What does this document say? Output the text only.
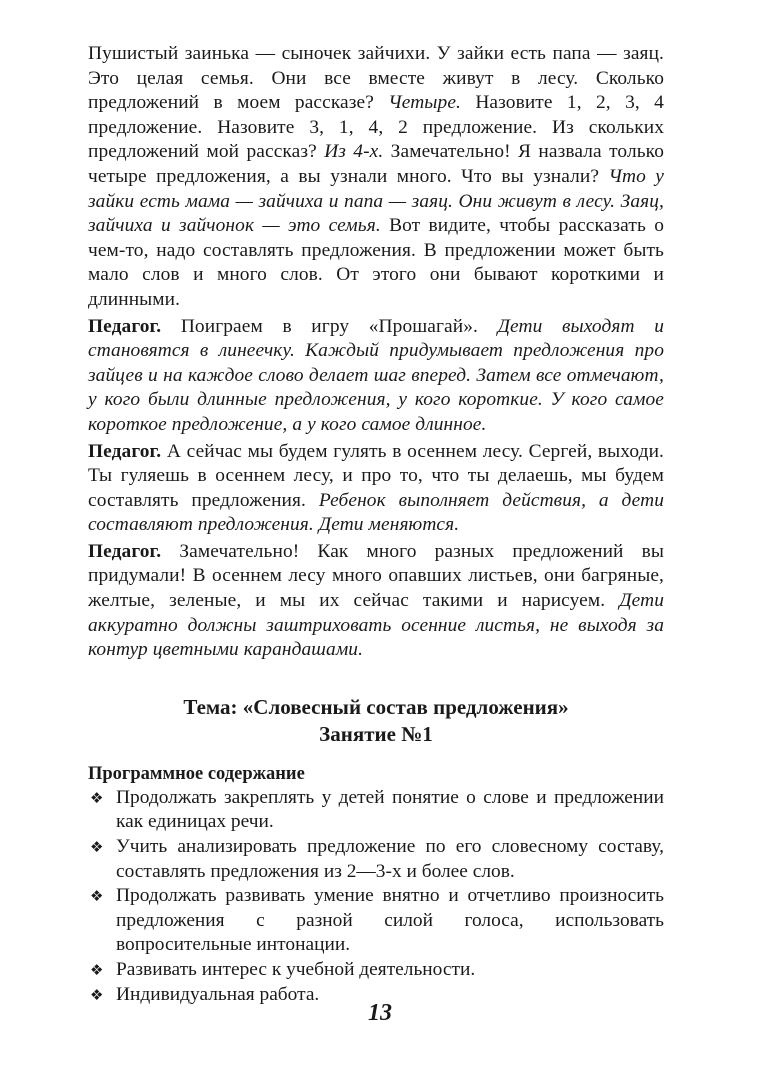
Пушистый заинька — сыночек зайчихи. У зайки есть папа — заяц. Это целая семья. Они все вместе живут в лесу. Сколько предложений в моем рассказе? Четыре. Назовите 1, 2, 3, 4 предложение. Назовите 3, 1, 4, 2 предложение. Из скольких предложений мой рассказ? Из 4-х. Замечательно! Я назвала только четыре предложения, а вы узнали много. Что вы узнали? Что у зайки есть мама — зайчиха и папа — заяц. Они живут в лесу. Заяц, зайчиха и зайчонок — это семья. Вот видите, чтобы рассказать о чем-то, надо составлять предложения. В предложении может быть мало слов и много слов. От этого они бывают короткими и длинными.

Педагог. Поиграем в игру «Прошагай». Дети выходят и становятся в линеечку. Каждый придумывает предложения про зайцев и на каждое слово делает шаг вперед. Затем все отмечают, у кого были длинные предложения, у кого короткие. У кого самое короткое предложение, а у кого самое длинное.

Педагог. А сейчас мы будем гулять в осеннем лесу. Сергей, выходи. Ты гуляешь в осеннем лесу, и про то, что ты делаешь, мы будем составлять предложения. Ребенок выполняет действия, а дети составляют предложения. Дети меняются.

Педагог. Замечательно! Как много разных предложений вы придумали! В осеннем лесу много опавших листьев, они багряные, желтые, зеленые, и мы их сейчас такими и нарисуем. Дети аккуратно должны заштриховать осенние листья, не выходя за контур цветными карандашами.

Тема: «Словесный состав предложения»
Занятие №1
Программное содержание
❖ Продолжать закреплять у детей понятие о слове и предложении как единицах речи.
❖ Учить анализировать предложение по его словесному составу, составлять предложения из 2—3-х и более слов.
❖ Продолжать развивать умение внятно и отчетливо произносить предложения с разной силой голоса, использовать вопросительные интонации.
❖ Развивать интерес к учебной деятельности.
❖ Индивидуальная работа.
13
